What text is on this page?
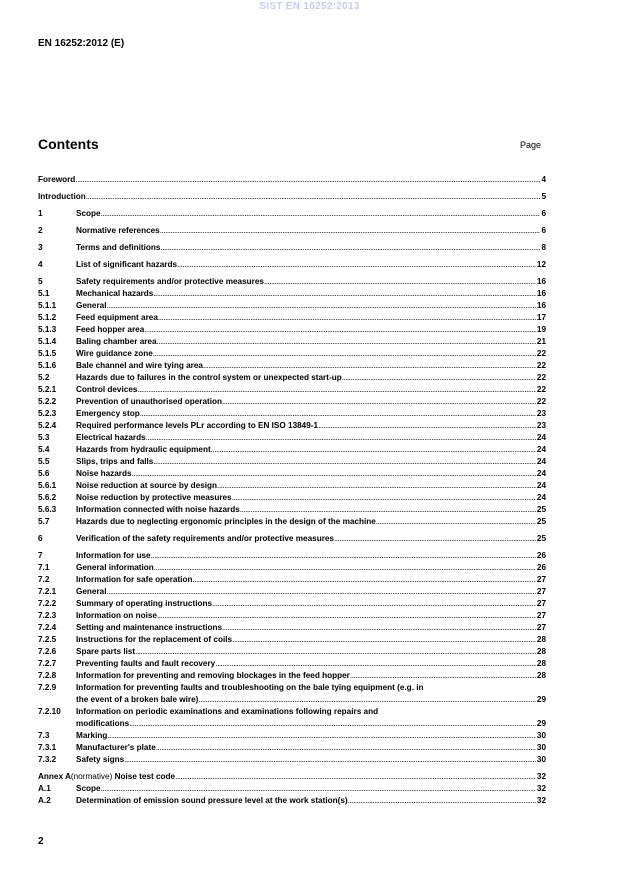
SIST EN 16252:2013
EN 16252:2012 (E)
Contents	Page
Foreword .....	4
Introduction .....	5
1	Scope .....	6
2	Normative references .....	6
3	Terms and definitions .....	8
4	List of significant hazards .....	12
5	Safety requirements and/or protective measures .....	16
5.1	Mechanical hazards .....	16
5.1.1	General .....	16
5.1.2	Feed equipment area .....	17
5.1.3	Feed hopper area .....	19
5.1.4	Baling chamber area .....	21
5.1.5	Wire guidance zone .....	22
5.1.6	Bale channel and wire tying area .....	22
5.2	Hazards due to failures in the control system or unexpected start-up .....	22
5.2.1	Control devices .....	22
5.2.2	Prevention of unauthorised operation .....	22
5.2.3	Emergency stop .....	23
5.2.4	Required performance levels PLr according to EN ISO 13849-1 .....	23
5.3	Electrical hazards .....	24
5.4	Hazards from hydraulic equipment .....	24
5.5	Slips, trips and falls .....	24
5.6	Noise hazards .....	24
5.6.1	Noise reduction at source by design .....	24
5.6.2	Noise reduction by protective measures .....	24
5.6.3	Information connected with noise hazards .....	25
5.7	Hazards due to neglecting ergonomic principles in the design of the machine .....	25
6	Verification of the safety requirements and/or protective measures .....	25
7	Information for use .....	26
7.1	General information .....	26
7.2	Information for safe operation .....	27
7.2.1	General .....	27
7.2.2	Summary of operating instructions .....	27
7.2.3	Information on noise .....	27
7.2.4	Setting and maintenance instructions .....	27
7.2.5	Instructions for the replacement of coils .....	28
7.2.6	Spare parts list .....	28
7.2.7	Preventing faults and fault recovery .....	28
7.2.8	Information for preventing and removing blockages in the feed hopper .....	28
7.2.9	Information for preventing faults and troubleshooting on the bale tying equipment (e.g. in
the event of a broken bale wire) .....	29
7.2.10	Information on periodic examinations and examinations following repairs and
modifications .....	29
7.3	Marking .....	30
7.3.1	Manufacturer's plate .....	30
7.3.2	Safety signs .....	30
Annex A (normative) Noise test code .....	32
A.1	Scope .....	32
A.2	Determination of emission sound pressure level at the work station(s) .....	32
2
